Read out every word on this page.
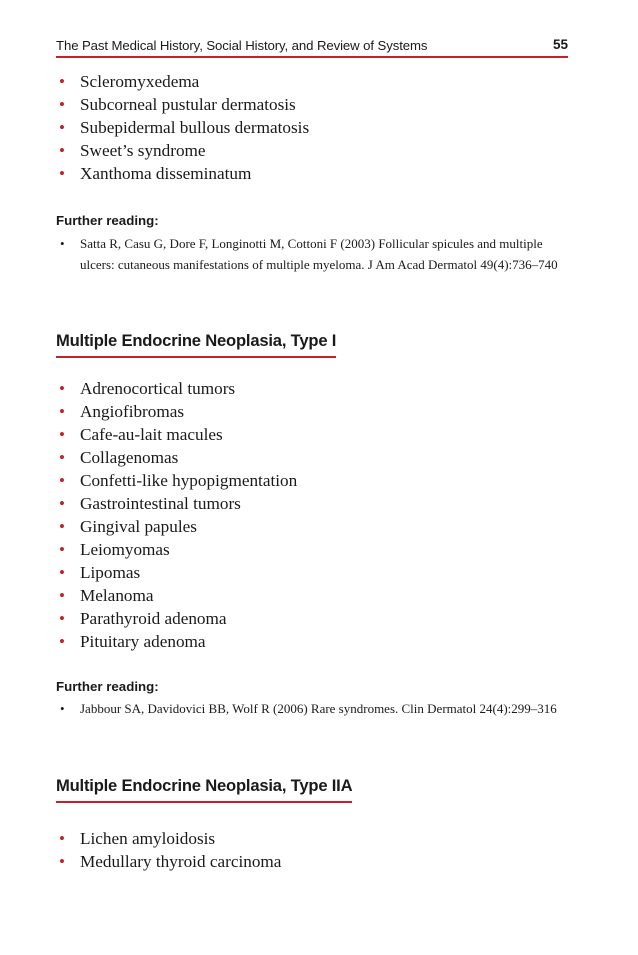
The Past Medical History, Social History, and Review of Systems	55
• Scleromyxedema
• Subcorneal pustular dermatosis
• Subepidermal bullous dermatosis
• Sweet’s syndrome
• Xanthoma disseminatum
Further reading:
• Satta R, Casu G, Dore F, Longinotti M, Cottoni F (2003) Follicular spicules and multiple ulcers: cutaneous manifestations of multiple myeloma. J Am Acad Dermatol 49(4):736–740
Multiple Endocrine Neoplasia, Type I
• Adrenocortical tumors
• Angiofibromas
• Cafe-au-lait macules
• Collagenomas
• Confetti-like hypopigmentation
• Gastrointestinal tumors
• Gingival papules
• Leiomyomas
• Lipomas
• Melanoma
• Parathyroid adenoma
• Pituitary adenoma
Further reading:
• Jabbour SA, Davidovici BB, Wolf R (2006) Rare syndromes. Clin Dermatol 24(4):299–316
Multiple Endocrine Neoplasia, Type IIA
• Lichen amyloidosis
• Medullary thyroid carcinoma
